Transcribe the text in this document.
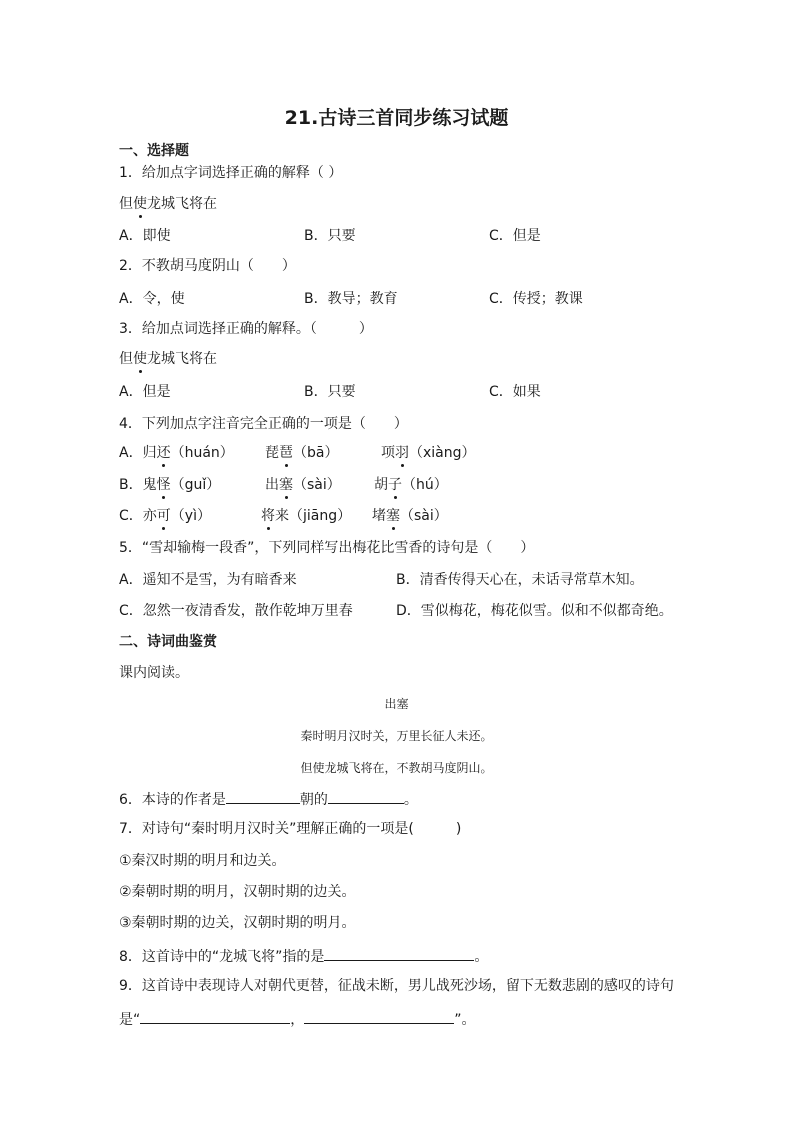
21.古诗三首同步练习试题
一、选择题
1．给加点字词选择正确的解释（ ）
但使龙城飞将在
A．即使	B．只要	C．但是
2．不教胡马度阴山（　　）
A．令，使	B．教导；教育	C．传授；教课
3．给加点词选择正确的解释。（　　　）
但使龙城飞将在
A．但是	B．只要	C．如果
4．下列加点字注音完全正确的一项是（　　）
A．归还（huán） 琵琶（bā）	项羽（xiàng）
B．鬼怪（guǐ）	出塞（sài） 胡子（hú）
C．亦可（yì）	将来（jiāng） 堵塞（sài）
5．“雪却输梅一段香”，下列同样写出梅花比雪香的诗句是（　　）
A．遥知不是雪，为有暗香来	B．清香传得天心在，未话寻常草木知。
C．忽然一夜清香发，散作乾坤万里春	D．雪似梅花，梅花似雪。似和不似都奇绝。
二、诗词曲鉴赏
课内阅读。
出塞
秦时明月汉时关，万里长征人未还。
但使龙城飞将在，不教胡马度阴山。
6．本诗的作者是	朝的	。
7．对诗句“秦时明月汉时关”理解正确的一项是(　　　)
①秦汉时期的明月和边关。
②秦朝时期的明月，汉朝时期的边关。
③秦朝时期的边关，汉朝时期的明月。
8．这首诗中的“龙城飞将”指的是	。
9．这首诗中表现诗人对朝代更替，征战未断，男儿战死沙场，留下无数悲剧的感叹的诗句
是“	，	”。
